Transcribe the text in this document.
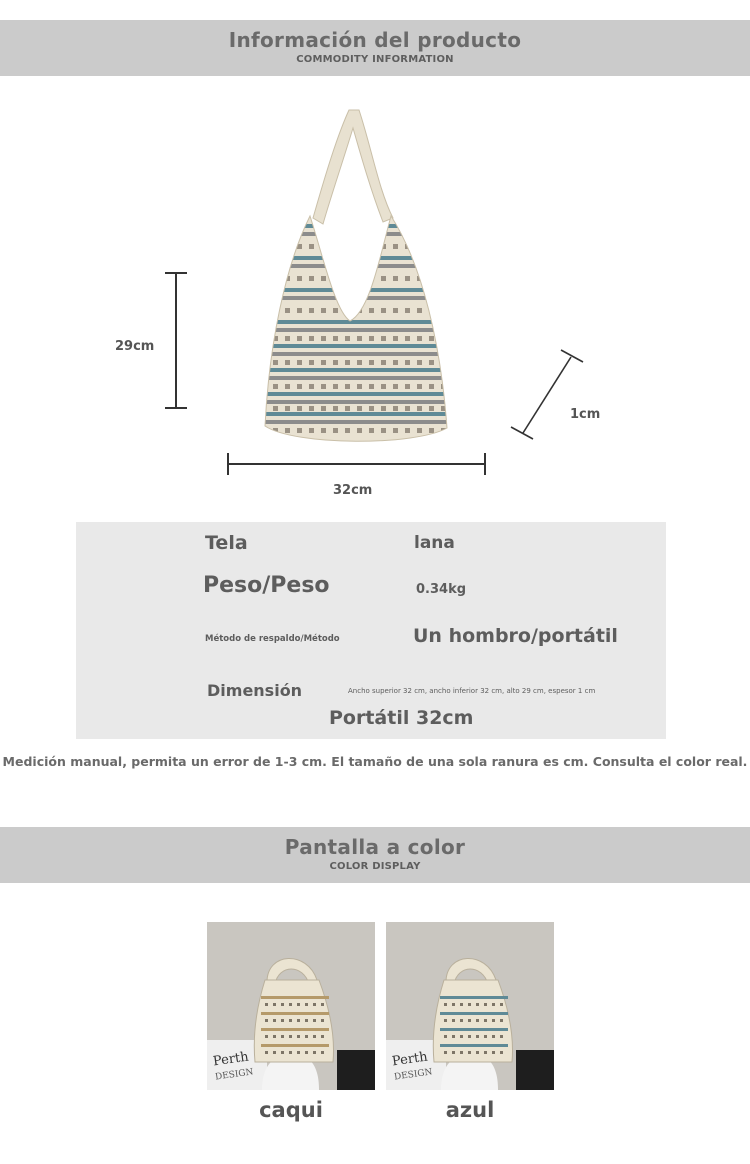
Información del producto
COMMODITY INFORMATION
29cm
1cm
32cm
Tela	lana
Peso/Peso	0.34kg
Método de respaldo/Método	Un hombro/portátil
Dimensión	Ancho superior 32 cm, ancho inferior 32 cm, alto 29 cm, espesor 1 cm
Portátil 32cm
Medición manual, permita un error de 1-3 cm. El tamaño de una sola ranura es cm. Consulta el color real.
Pantalla a color
COLOR DISPLAY
Perth
DESIGN
caqui
Perth
DESIGN
azul
